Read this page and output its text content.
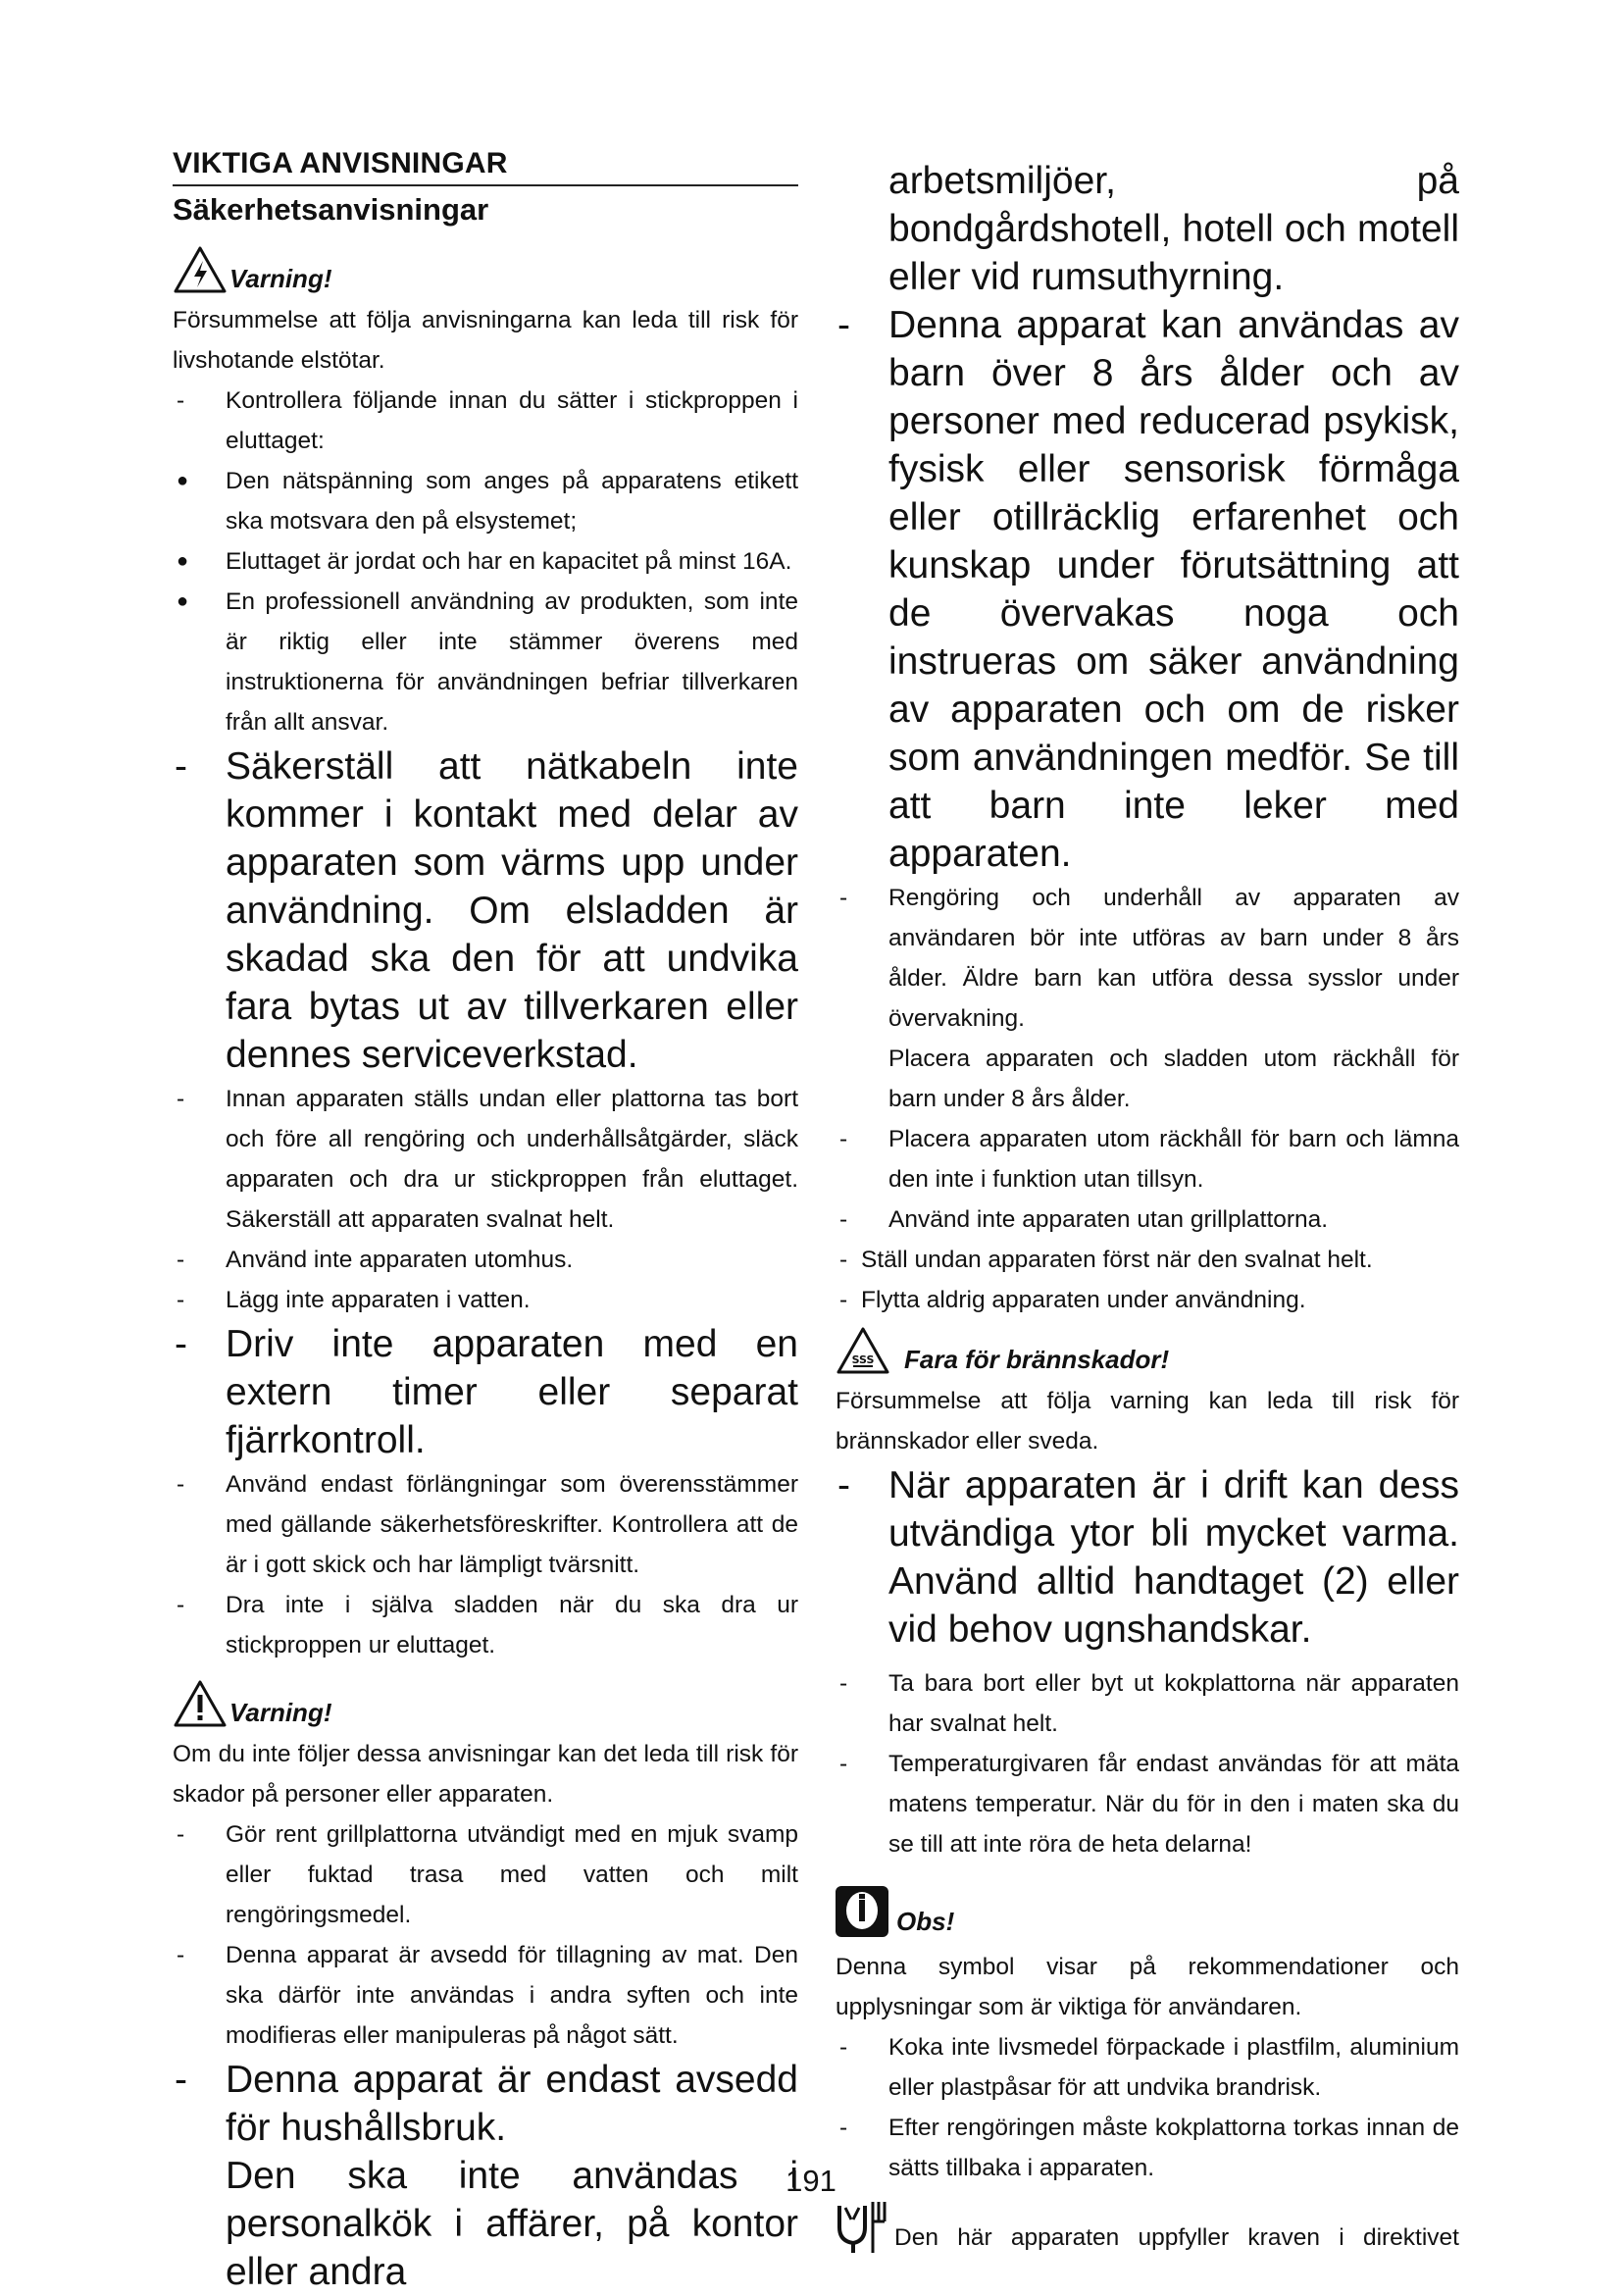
VIKTIGA ANVISNINGAR
Säkerhetsanvisningar
Varning!

Försummelse att följa anvisningarna kan leda till risk för livshotande elstötar.

- Kontrollera följande innan du sätter i stickproppen i eluttaget:
● Den nätspänning som anges på apparatens etikett ska motsvara den på elsystemet;
● Eluttaget är jordat och har en kapacitet på minst 16A.
● En professionell användning av produkten, som inte är riktig eller inte stämmer överens med instruktionerna för användningen befriar tillverkaren från allt ansvar.
- Säkerställ att nätkabeln inte kommer i kontakt med delar av apparaten som värms upp under användning. Om elsladden är skadad ska den för att undvika fara bytas ut av tillverkaren eller dennes serviceverkstad.
- Innan apparaten ställs undan eller plattorna tas bort och före all rengöring och underhållsåtgärder, släck apparaten och dra ur stickproppen från eluttaget. Säkerställ att apparaten svalnat helt.
- Använd inte apparaten utomhus.
- Lägg inte apparaten i vatten.
- Driv inte apparaten med en extern timer eller separat fjärrkontroll.
- Använd endast förlängningar som överensstämmer med gällande säkerhetsföreskrifter. Kontrollera att de är i gott skick och har lämpligt tvärsnitt.
- Dra inte i själva sladden när du ska dra ur stickproppen ur eluttaget.
Varning!

Om du inte följer dessa anvisningar kan det leda till risk för skador på personer eller apparaten.

- Gör rent grillplattorna utvändigt med en mjuk svamp eller fuktad trasa med vatten och milt rengöringsmedel.
- Denna apparat är avsedd för tillagning av mat. Den ska därför inte användas i andra syften och inte modifieras eller manipuleras på något sätt.
- Denna apparat är endast avsedd för hushållsbruk.
Den ska inte användas i personalkök i affärer, på kontor eller andra
arbetsmiljöer, på bondgårdshotell, hotell och motell eller vid rumsuthyrning.
- Denna apparat kan användas av barn över 8 års ålder och av personer med reducerad psykisk, fysisk eller sensorisk förmåga eller otillräcklig erfarenhet och kunskap under förutsättning att de övervakas noga och instrueras om säker användning av apparaten och om de risker som användningen medför. Se till att barn inte leker med apparaten.
- Rengöring och underhåll av apparaten av användaren bör inte utföras av barn under 8 års ålder. Äldre barn kan utföra dessa sysslor under övervakning.
Placera apparaten och sladden utom räckhåll för barn under 8 års ålder.
- Placera apparaten utom räckhåll för barn och lämna den inte i funktion utan tillsyn.
- Använd inte apparaten utan grillplattorna.
- Ställ undan apparaten först när den svalnat helt.
- Flytta aldrig apparaten under användning.
SSS Fara för brännskador!

Försummelse att följa varning kan leda till risk för brännskador eller sveda.

- När apparaten är i drift kan dess utvändiga ytor bli mycket varma. Använd alltid handtaget (2) eller vid behov ugnshandskar.
- Ta bara bort eller byt ut kokplattorna när apparaten har svalnat helt.
- Temperaturgivaren får endast användas för att mäta matens temperatur. När du för in den i maten ska du se till att inte röra de heta delarna!
Obs!

Denna symbol visar på rekommendationer och upplysningar som är viktiga för användaren.

- Koka inte livsmedel förpackade i plastfilm, aluminium eller plastpåsar för att undvika brandrisk.
- Efter rengöringen måste kokplattorna torkas innan de sätts tillbaka i apparaten.
Den här apparaten uppfyller kraven i direktivet
191
